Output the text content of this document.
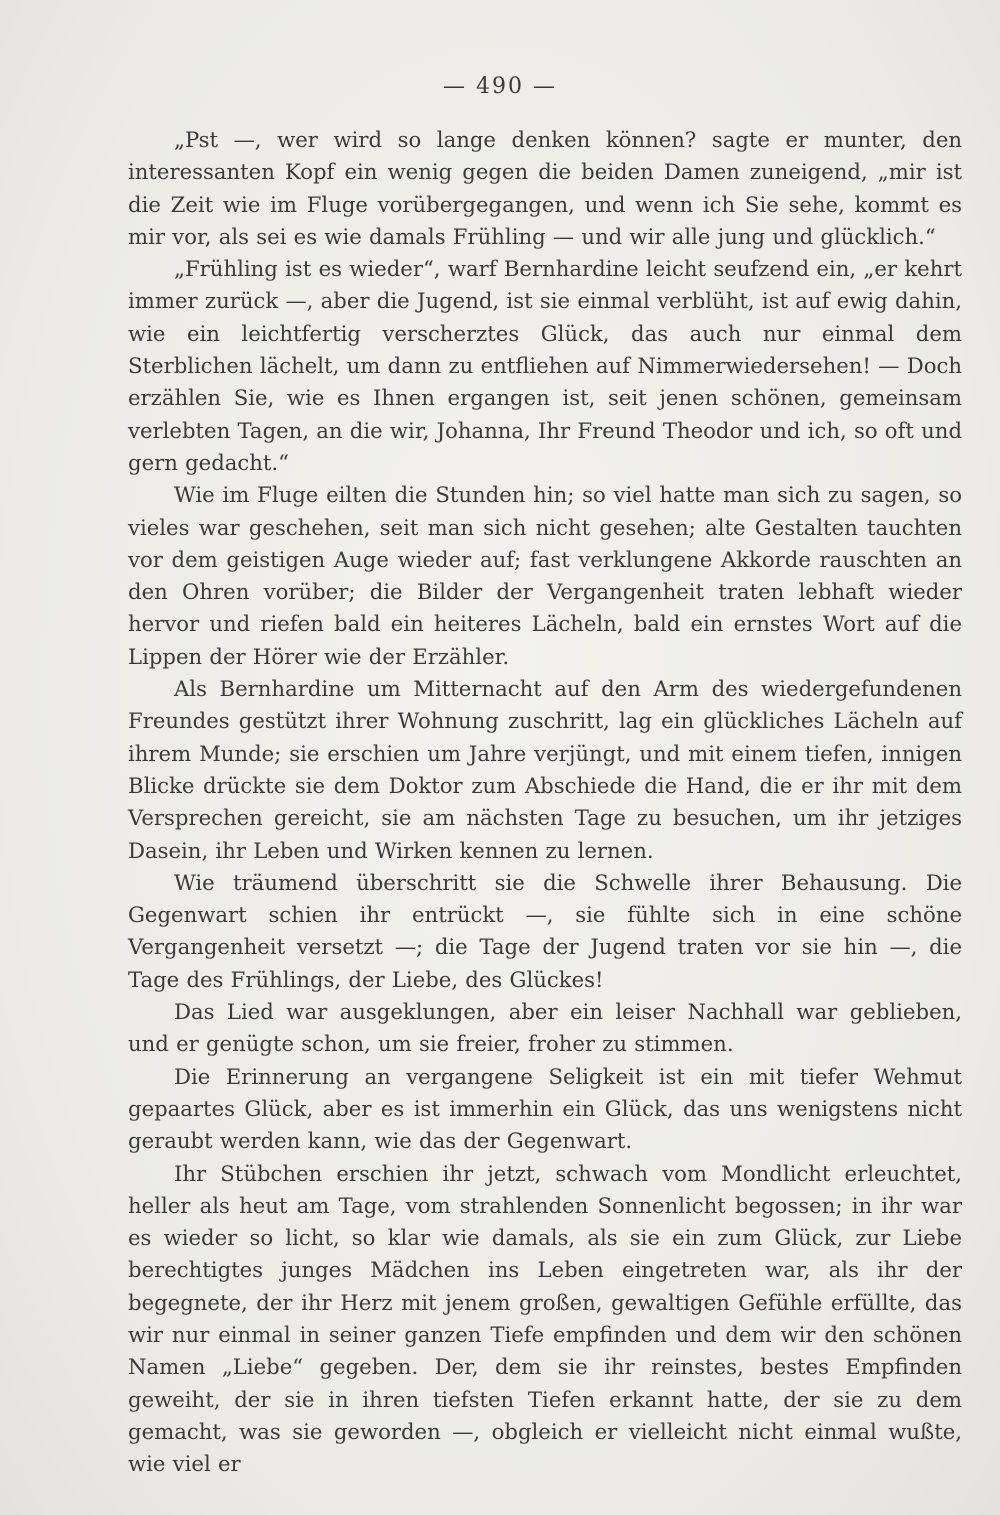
— 490 —

„Pst —, wer wird so lange denken können? sagte er munter, den interessanten Kopf ein wenig gegen die beiden Damen zuneigend, „mir ist die Zeit wie im Fluge vorübergegangen, und wenn ich Sie sehe, kommt es mir vor, als sei es wie damals Frühling — und wir alle jung und glücklich.“

„Frühling ist es wieder“, warf Bernhardine leicht seufzend ein, „er kehrt immer zurück —, aber die Jugend, ist sie einmal verblüht, ist auf ewig dahin, wie ein leichtfertig verscherztes Glück, das auch nur einmal dem Sterblichen lächelt, um dann zu entfliehen auf Nimmerwiedersehen! — Doch erzählen Sie, wie es Ihnen ergangen ist, seit jenen schönen, gemeinsam verlebten Tagen, an die wir, Johanna, Ihr Freund Theodor und ich, so oft und gern gedacht.“

Wie im Fluge eilten die Stunden hin; so viel hatte man sich zu sagen, so vieles war geschehen, seit man sich nicht gesehen; alte Gestalten tauchten vor dem geistigen Auge wieder auf; fast verklungene Akkorde rauschten an den Ohren vorüber; die Bilder der Vergangenheit traten lebhaft wieder hervor und riefen bald ein heiteres Lächeln, bald ein ernstes Wort auf die Lippen der Hörer wie der Erzähler.

Als Bernhardine um Mitternacht auf den Arm des wiedergefundenen Freundes gestützt ihrer Wohnung zuschritt, lag ein glückliches Lächeln auf ihrem Munde; sie erschien um Jahre verjüngt, und mit einem tiefen, innigen Blicke drückte sie dem Doktor zum Abschiede die Hand, die er ihr mit dem Versprechen gereicht, sie am nächsten Tage zu besuchen, um ihr jetziges Dasein, ihr Leben und Wirken kennen zu lernen.

Wie träumend überschritt sie die Schwelle ihrer Behausung. Die Gegenwart schien ihr entrückt —, sie fühlte sich in eine schöne Vergangenheit versetzt —; die Tage der Jugend traten vor sie hin —, die Tage des Frühlings, der Liebe, des Glückes!

Das Lied war ausgeklungen, aber ein leiser Nachhall war geblieben, und er genügte schon, um sie freier, froher zu stimmen.

Die Erinnerung an vergangene Seligkeit ist ein mit tiefer Wehmut gepaartes Glück, aber es ist immerhin ein Glück, das uns wenigstens nicht geraubt werden kann, wie das der Gegenwart.

Ihr Stübchen erschien ihr jetzt, schwach vom Mondlicht erleuchtet, heller als heut am Tage, vom strahlenden Sonnenlicht begossen; in ihr war es wieder so licht, so klar wie damals, als sie ein zum Glück, zur Liebe berechtigtes junges Mädchen ins Leben eingetreten war, als ihr der begegnete, der ihr Herz mit jenem großen, gewaltigen Gefühle erfüllte, das wir nur einmal in seiner ganzen Tiefe empfinden und dem wir den schönen Namen „Liebe“ gegeben. Der, dem sie ihr reinstes, bestes Empfinden geweiht, der sie in ihren tiefsten Tiefen erkannt hatte, der sie zu dem gemacht, was sie geworden —, obgleich er vielleicht nicht einmal wußte, wie viel er
